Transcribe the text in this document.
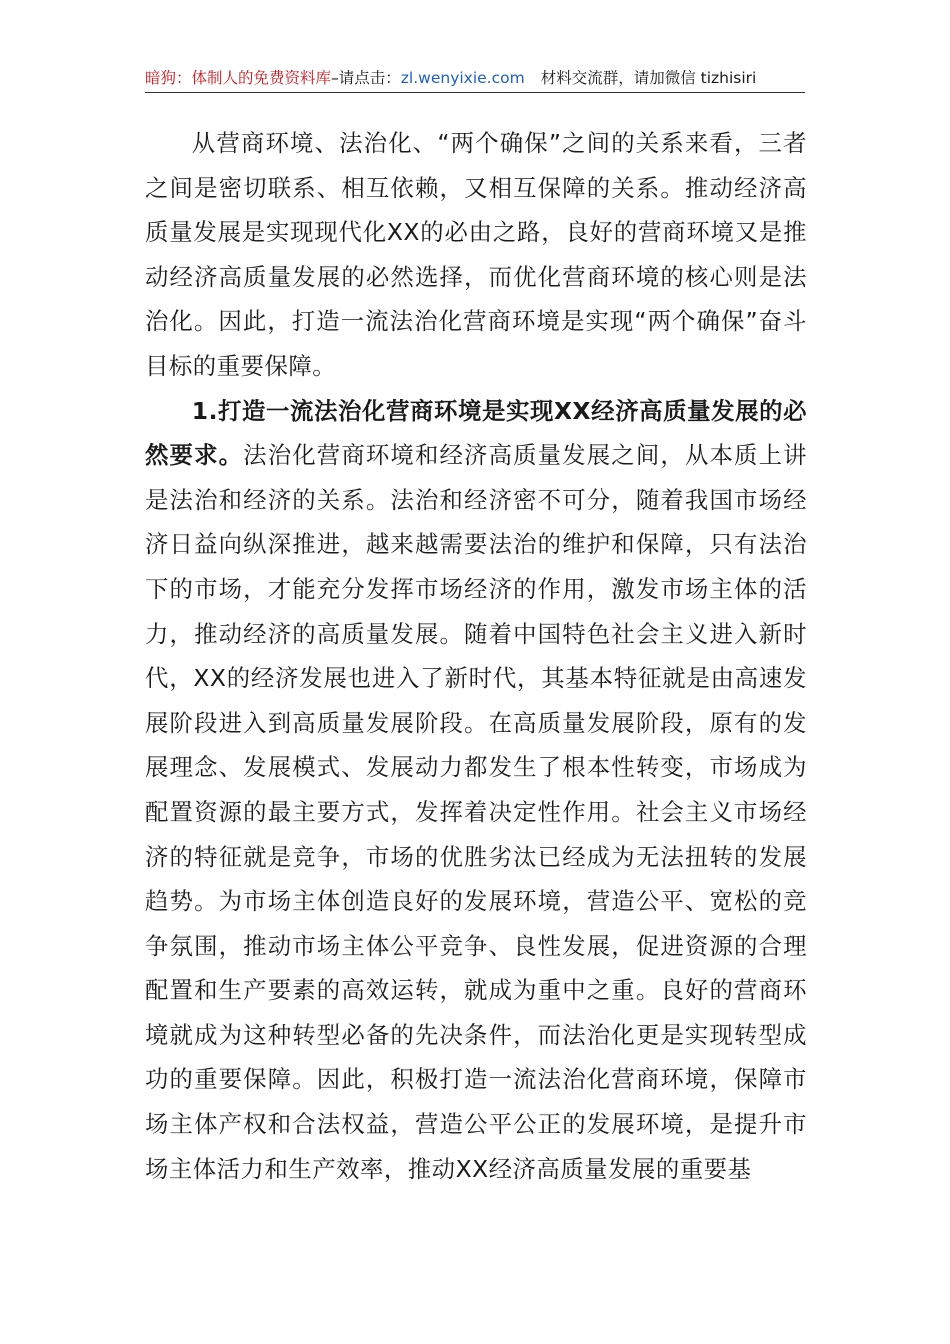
暗狗：体制人的免费资料库–请点击：zl.wenyixie.com 材料交流群，请加微信 tizhisiri

从营商环境、法治化、“两个确保”之间的关系来看，三者之间是密切联系、相互依赖，又相互保障的关系。推动经济高质量发展是实现现代化XX的必由之路，良好的营商环境又是推动经济高质量发展的必然选择，而优化营商环境的核心则是法治化。因此，打造一流法治化营商环境是实现“两个确保”奋斗目标的重要保障。

1.打造一流法治化营商环境是实现XX经济高质量发展的必然要求。法治化营商环境和经济高质量发展之间，从本质上讲是法治和经济的关系。法治和经济密不可分，随着我国市场经济日益向纵深推进，越来越需要法治的维护和保障，只有法治下的市场，才能充分发挥市场经济的作用，激发市场主体的活力，推动经济的高质量发展。随着中国特色社会主义进入新时代，XX的经济发展也进入了新时代，其基本特征就是由高速发展阶段进入到高质量发展阶段。在高质量发展阶段，原有的发展理念、发展模式、发展动力都发生了根本性转变，市场成为配置资源的最主要方式，发挥着决定性作用。社会主义市场经济的特征就是竞争，市场的优胜劣汰已经成为无法扭转的发展趋势。为市场主体创造良好的发展环境，营造公平、宽松的竞争氛围，推动市场主体公平竞争、良性发展，促进资源的合理配置和生产要素的高效运转，就成为重中之重。良好的营商环境就成为这种转型必备的先决条件，而法治化更是实现转型成功的重要保障。因此，积极打造一流法治化营商环境，保障市场主体产权和合法权益，营造公平公正的发展环境，是提升市场主体活力和生产效率，推动XX经济高质量发展的重要基
